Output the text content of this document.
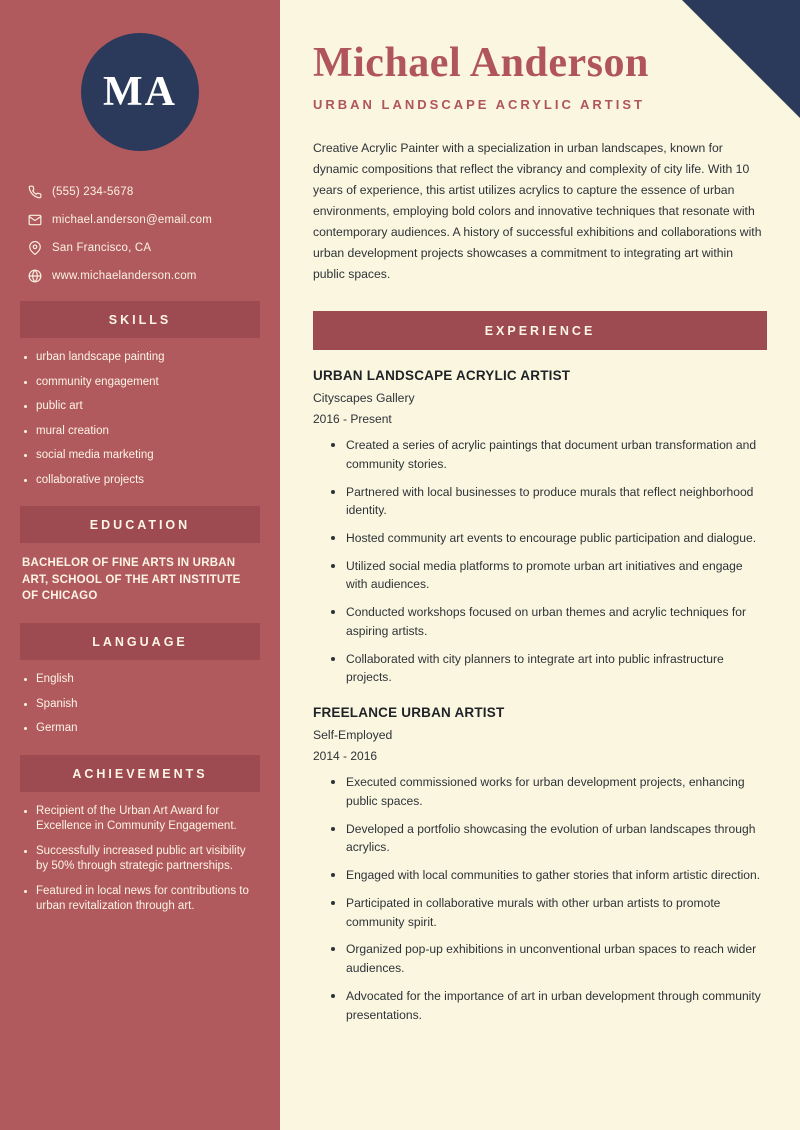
MA
(555) 234-5678
michael.anderson@email.com
San Francisco, CA
www.michaelanderson.com
SKILLS
urban landscape painting
community engagement
public art
mural creation
social media marketing
collaborative projects
EDUCATION
BACHELOR OF FINE ARTS IN URBAN ART, SCHOOL OF THE ART INSTITUTE OF CHICAGO
LANGUAGE
English
Spanish
German
ACHIEVEMENTS
Recipient of the Urban Art Award for Excellence in Community Engagement.
Successfully increased public art visibility by 50% through strategic partnerships.
Featured in local news for contributions to urban revitalization through art.
Michael Anderson
URBAN LANDSCAPE ACRYLIC ARTIST

Creative Acrylic Painter with a specialization in urban landscapes, known for dynamic compositions that reflect the vibrancy and complexity of city life. With 10 years of experience, this artist utilizes acrylics to capture the essence of urban environments, employing bold colors and innovative techniques that resonate with contemporary audiences. A history of successful exhibitions and collaborations with urban development projects showcases a commitment to integrating art within public spaces.

EXPERIENCE
URBAN LANDSCAPE ACRYLIC ARTIST
Cityscapes Gallery
2016 - Present
Created a series of acrylic paintings that document urban transformation and community stories.
Partnered with local businesses to produce murals that reflect neighborhood identity.
Hosted community art events to encourage public participation and dialogue.
Utilized social media platforms to promote urban art initiatives and engage with audiences.
Conducted workshops focused on urban themes and acrylic techniques for aspiring artists.
Collaborated with city planners to integrate art into public infrastructure projects.
FREELANCE URBAN ARTIST
Self-Employed
2014 - 2016
Executed commissioned works for urban development projects, enhancing public spaces.
Developed a portfolio showcasing the evolution of urban landscapes through acrylics.
Engaged with local communities to gather stories that inform artistic direction.
Participated in collaborative murals with other urban artists to promote community spirit.
Organized pop-up exhibitions in unconventional urban spaces to reach wider audiences.
Advocated for the importance of art in urban development through community presentations.
